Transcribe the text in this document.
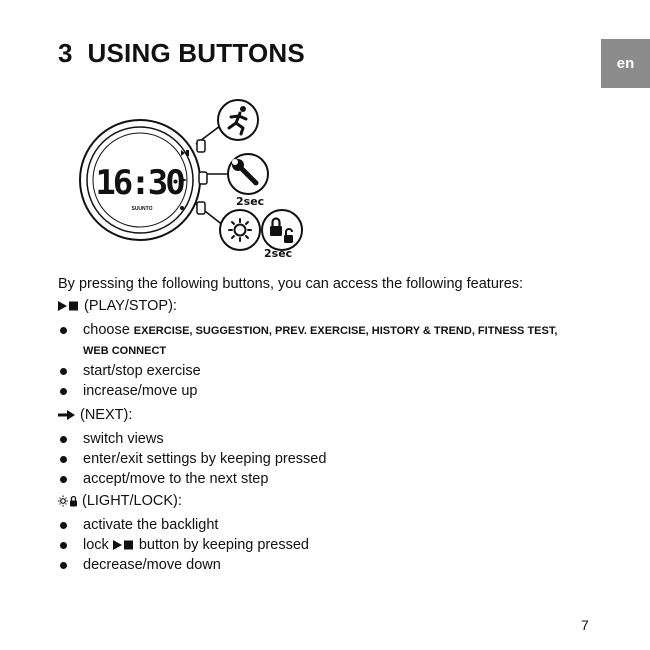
3 USING BUTTONS	en
16:30
SUUNTO
2sec
2sec
By pressing the following buttons, you can access the following features:
(PLAY/STOP):
choose EXERCISE, SUGGESTION, PREV. EXERCISE, HISTORY & TREND, FITNESS TEST,
WEB CONNECT
start/stop exercise
increase/move up
(NEXT):
switch views
enter/exit settings by keeping pressed
accept/move to the next step
(LIGHT/LOCK):
activate the backlight
lock button by keeping pressed
decrease/move down
7
